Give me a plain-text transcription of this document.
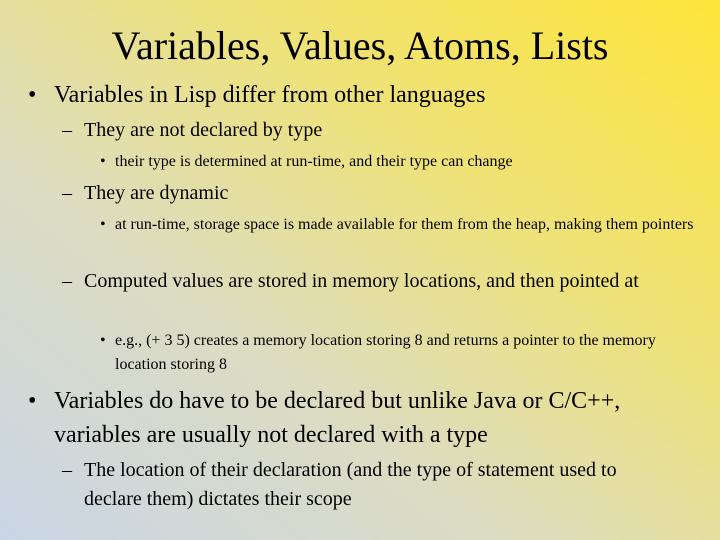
Variables, Values, Atoms, Lists
• Variables in Lisp differ from other languages
– They are not declared by type
• their type is determined at run-time, and their type can change
– They are dynamic
• at run-time, storage space is made available for them from the heap, making them pointers
– Computed values are stored in memory locations, and then pointed at
• e.g., (+ 3 5) creates a memory location storing 8 and returns a pointer to the memory location storing 8
• Variables do have to be declared but unlike Java or C/C++, variables are usually not declared with a type
– The location of their declaration (and the type of statement used to declare them) dictates their scope
